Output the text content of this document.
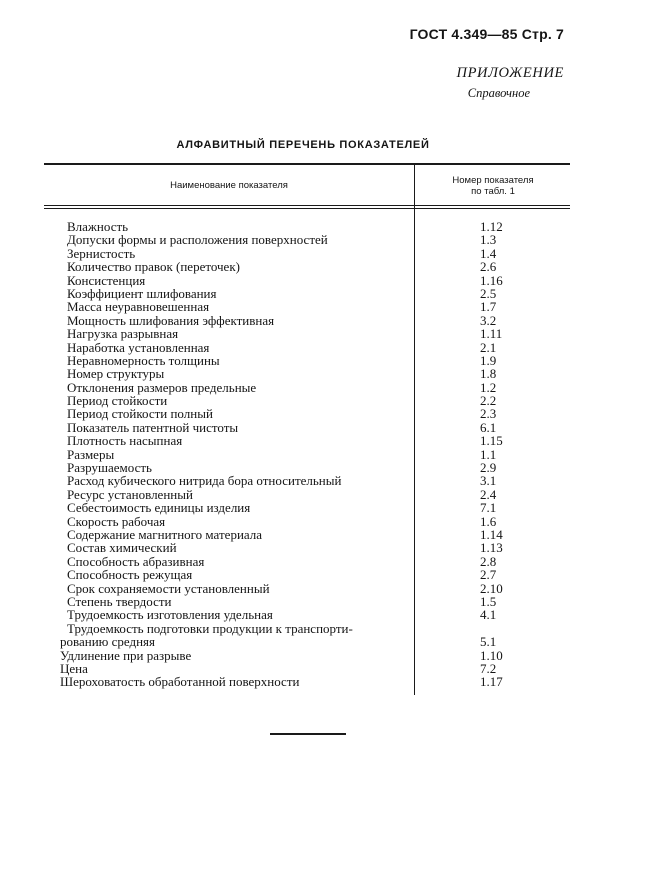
ГОСТ 4.349—85 Стр. 7
ПРИЛОЖЕНИЕ
Справочное
АЛФАВИТНЫЙ ПЕРЕЧЕНЬ ПОКАЗАТЕЛЕЙ
Наименование показателя	Номер показателя
по табл. 1
Влажность	1.12
Допуски формы и расположения поверхностей	1.3
Зернистость	1.4
Количество правок (переточек)	2.6
Консистенция	1.16
Коэффициент шлифования	2.5
Масса неуравновешенная	1.7
Мощность шлифования эффективная	3.2
Нагрузка разрывная	1.11
Наработка установленная	2.1
Неравномерность толщины	1.9
Номер структуры	1.8
Отклонения размеров предельные	1.2
Период стойкости	2.2
Период стойкости полный	2.3
Показатель патентной чистоты	6.1
Плотность насыпная	1.15
Размеры	1.1
Разрушаемость	2.9
Расход кубического нитрида бора относительный	3.1
Ресурс установленный	2.4
Себестоимость единицы изделия	7.1
Скорость рабочая	1.6
Содержание магнитного материала	1.14
Состав химический	1.13
Способность абразивная	2.8
Способность режущая	2.7
Срок сохраняемости установленный	2.10
Степень твердости	1.5
Трудоемкость изготовления удельная	4.1
Трудоемкость подготовки продукции к транспорти-
рованию средняя	5.1
Удлинение при разрыве	1.10
Цена	7.2
Шероховатость обработанной поверхности	1.17
